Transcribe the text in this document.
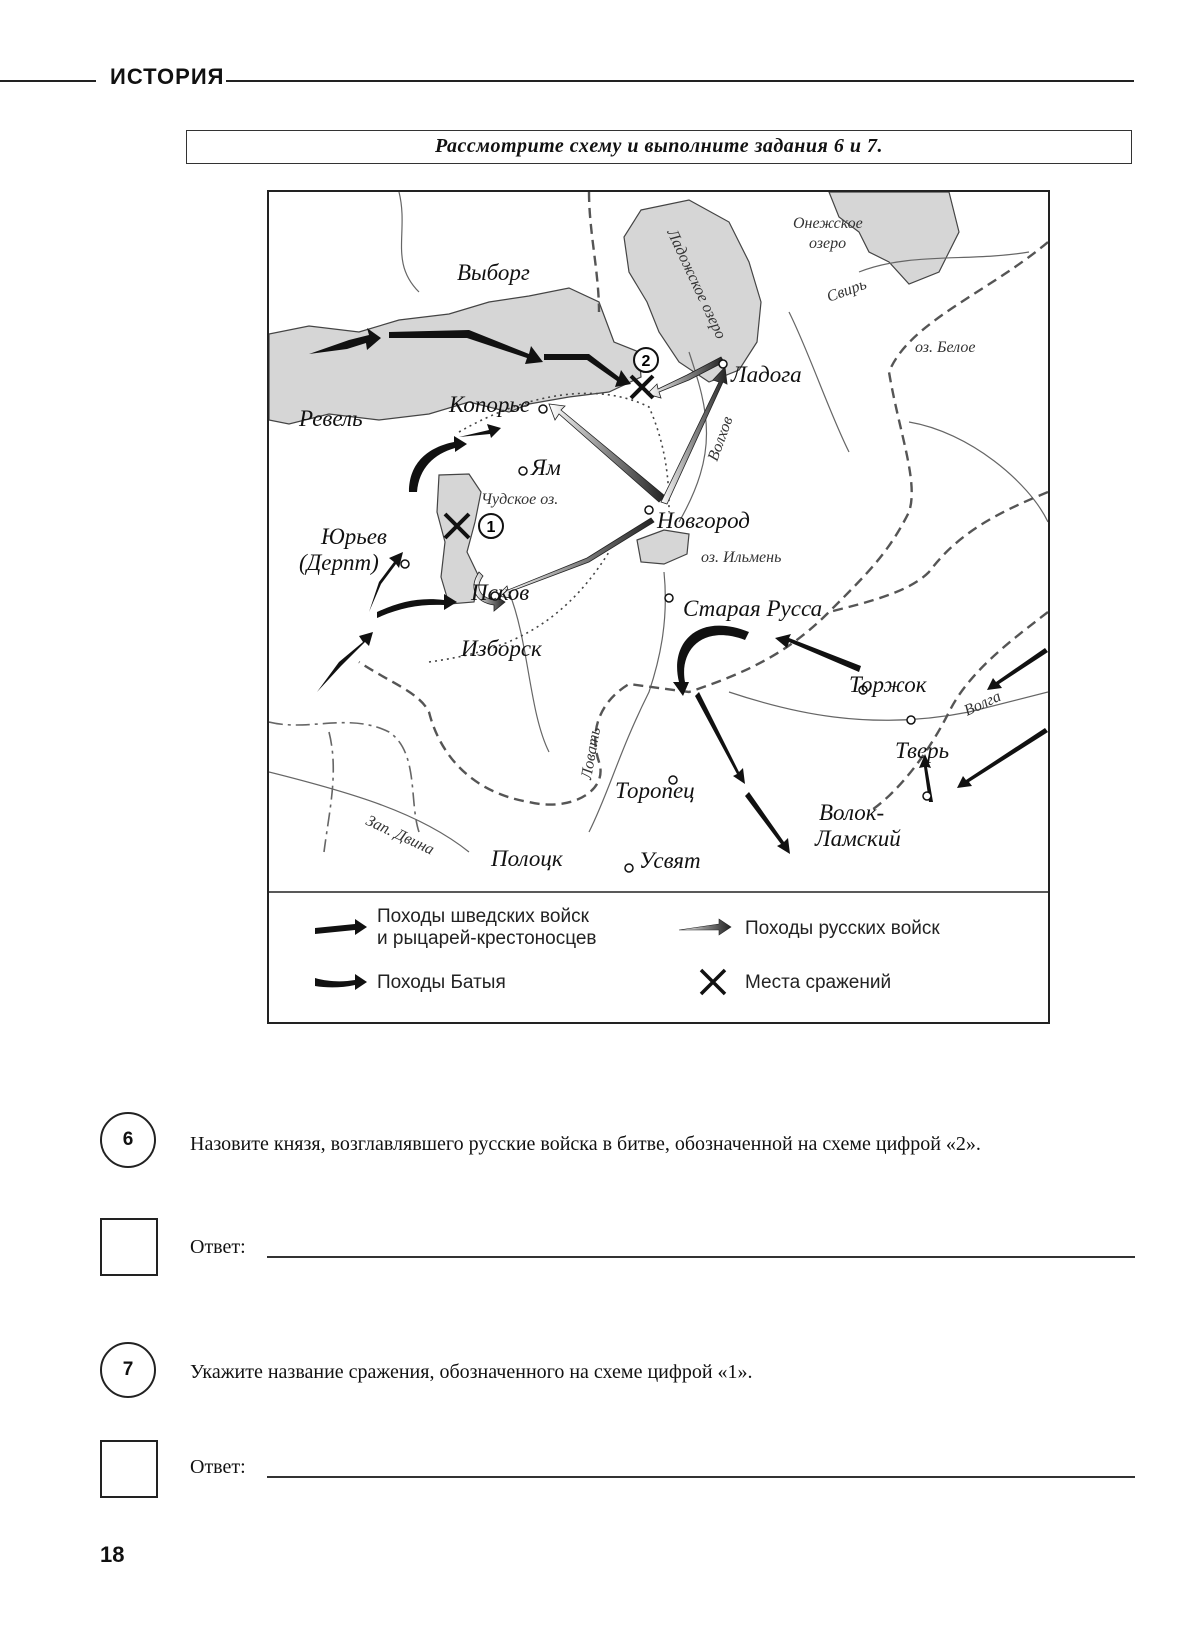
ИСТОРИЯ
Рассмотрите схему и выполните задания 6 и 7.
2
1
Выборг
Ревель
Копорье
Ям
Ладога
Новгород
Юрьев
(Дерпт)
Псков
Изборск
Старая Русса
Торжок
Тверь
Волок-
Ламский
Торопец
Полоцк	Усвят
Онежское
озеро
Ладожское озеро	Свирь
оз. Белое
Волхов
Чудское оз.
оз. Ильмень
Ловать
Волга
Зап. Двина
Походы шведских войск
и рыцарей-крестоносцев	Походы русских войск
Походы Батыя	Места сражений
6	Назовите князя, возглавлявшего русские войска в битве, обозначенной на схеме цифрой «2».
Ответ:
7	Укажите название сражения, обозначенного на схеме цифрой «1».
Ответ:
18
